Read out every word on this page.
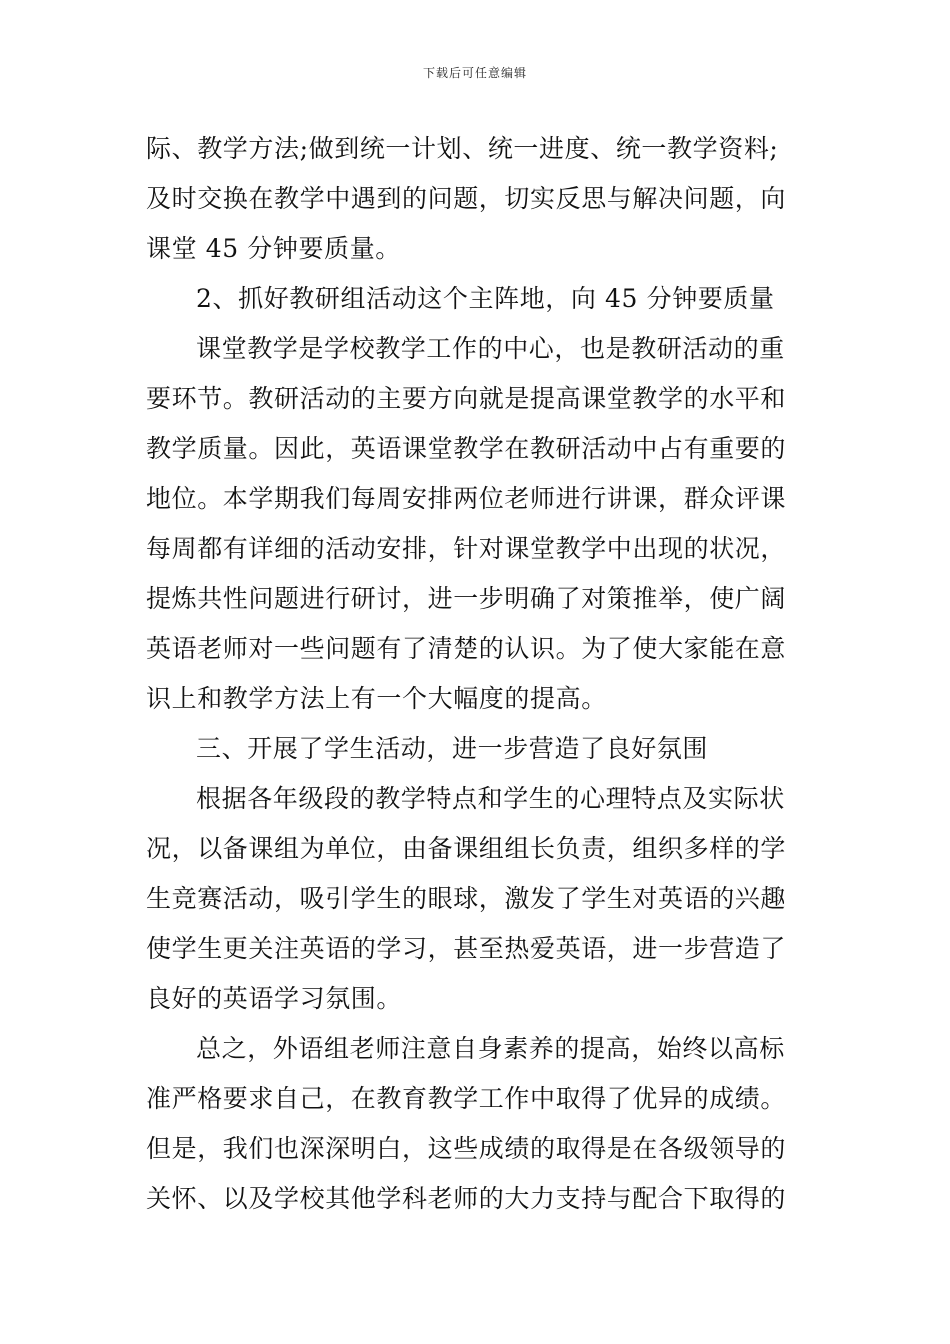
下载后可任意编辑
际、教学方法;做到统一计划、统一进度、统一教学资料;
及时交换在教学中遇到的问题，切实反思与解决问题，向
课堂 45 分钟要质量。
2、抓好教研组活动这个主阵地，向 45 分钟要质量
课堂教学是学校教学工作的中心，也是教研活动的重
要环节。教研活动的主要方向就是提高课堂教学的水平和
教学质量。因此，英语课堂教学在教研活动中占有重要的
地位。本学期我们每周安排两位老师进行讲课，群众评课
每周都有详细的活动安排，针对课堂教学中出现的状况，
提炼共性问题进行研讨，进一步明确了对策推举，使广阔
英语老师对一些问题有了清楚的认识。为了使大家能在意
识上和教学方法上有一个大幅度的提高。
三、开展了学生活动，进一步营造了良好氛围
根据各年级段的教学特点和学生的心理特点及实际状
况，以备课组为单位，由备课组组长负责，组织多样的学
生竞赛活动，吸引学生的眼球，激发了学生对英语的兴趣
使学生更关注英语的学习，甚至热爱英语，进一步营造了
良好的英语学习氛围。
总之，外语组老师注意自身素养的提高，始终以高标
准严格要求自己，在教育教学工作中取得了优异的成绩。
但是，我们也深深明白，这些成绩的取得是在各级领导的
关怀、以及学校其他学科老师的大力支持与配合下取得的
